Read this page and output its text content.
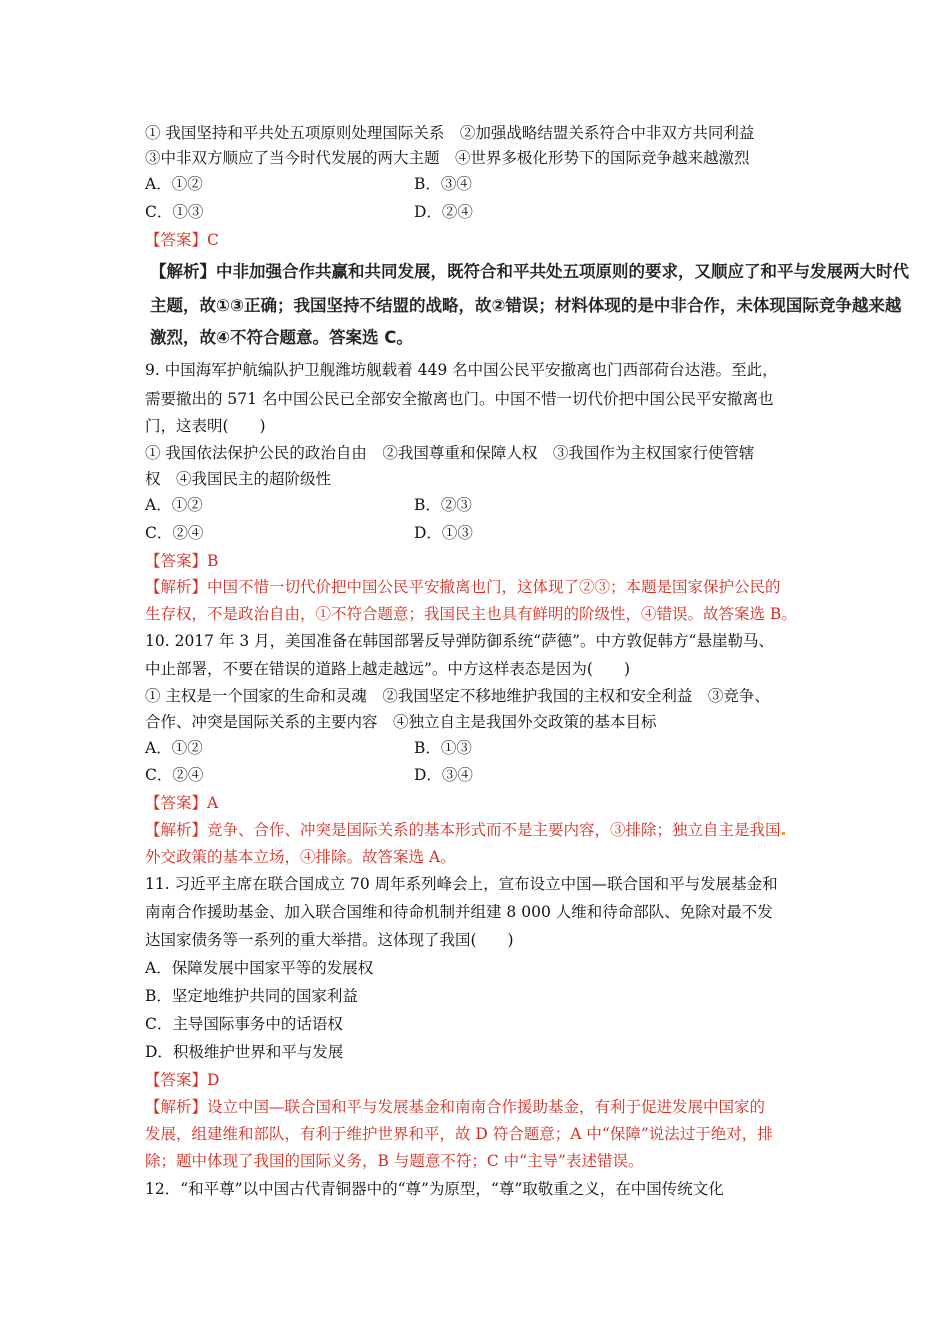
① 我国坚持和平共处五项原则处理国际关系　②加强战略结盟关系符合中非双方共同利益
③中非双方顺应了当今时代发展的两大主题　④世界多极化形势下的国际竞争越来越激烈
A．①②	B．③④
C．①③	D．②④
【答案】C
【解析】中非加强合作共赢和共同发展，既符合和平共处五项原则的要求，又顺应了和平与发展两大时代
主题，故①③正确；我国坚持不结盟的战略，故②错误；材料体现的是中非合作，未体现国际竞争越来越
激烈，故④不符合题意。答案选 C。
9. 中国海军护航编队护卫舰潍坊舰载着 449 名中国公民平安撤离也门西部荷台达港。至此，
需要撤出的 571 名中国公民已全部安全撤离也门。中国不惜一切代价把中国公民平安撤离也
门，这表明(　　)
① 我国依法保护公民的政治自由　②我国尊重和保障人权　③我国作为主权国家行使管辖
权　④我国民主的超阶级性
A．①②	B．②③
C．②④	D．①③
【答案】B
【解析】中国不惜一切代价把中国公民平安撤离也门，这体现了②③；本题是国家保护公民的
生存权，不是政治自由，①不符合题意；我国民主也具有鲜明的阶级性，④错误。故答案选 B。
10. 2017 年 3 月，美国准备在韩国部署反导弹防御系统“萨德”。中方敦促韩方“悬崖勒马、
中止部署，不要在错误的道路上越走越远”。中方这样表态是因为(　　)
① 主权是一个国家的生命和灵魂　②我国坚定不移地维护我国的主权和安全利益　③竞争、
合作、冲突是国际关系的主要内容　④独立自主是我国外交政策的基本目标
A．①②	B．①③
C．②④	D．③④
【答案】A
【解析】竞争、合作、冲突是国际关系的基本形式而不是主要内容，③排除；独立自主是我国
外交政策的基本立场，④排除。故答案选 A。
11. 习近平主席在联合国成立 70 周年系列峰会上，宣布设立中国—联合国和平与发展基金和
南南合作援助基金、加入联合国维和待命机制并组建 8 000 人维和待命部队、免除对最不发
达国家债务等一系列的重大举措。这体现了我国(　　)
A．保障发展中国家平等的发展权
B．坚定地维护共同的国家利益
C．主导国际事务中的话语权
D．积极维护世界和平与发展
【答案】D
【解析】设立中国—联合国和平与发展基金和南南合作援助基金，有利于促进发展中国家的
发展，组建维和部队，有利于维护世界和平，故 D 符合题意；A 中“保障”说法过于绝对，排
除；题中体现了我国的国际义务，B 与题意不符；C 中“主导”表述错误。
12．“和平尊”以中国古代青铜器中的“尊”为原型，“尊”取敬重之义，在中国传统文化
